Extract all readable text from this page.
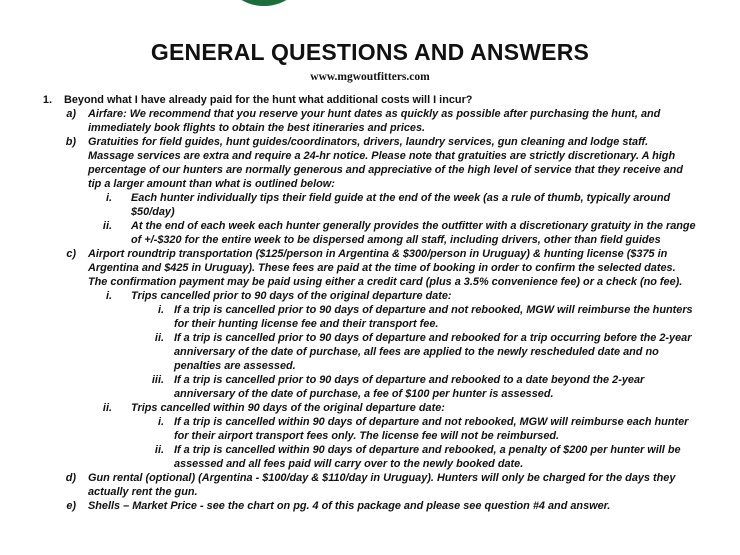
GENERAL QUESTIONS AND ANSWERS
www.mgwoutfitters.com
1. Beyond what I have already paid for the hunt what additional costs will I incur?
a) Airfare: We recommend that you reserve your hunt dates as quickly as possible after purchasing the hunt, and
immediately book flights to obtain the best itineraries and prices.
b) Gratuities for field guides, hunt guides/coordinators, drivers, laundry services, gun cleaning and lodge staff.
Massage services are extra and require a 24-hr notice. Please note that gratuities are strictly discretionary. A high
percentage of our hunters are normally generous and appreciative of the high level of service that they receive and
tip a larger amount than what is outlined below:
i. Each hunter individually tips their field guide at the end of the week (as a rule of thumb, typically around
$50/day)
ii. At the end of each week each hunter generally provides the outfitter with a discretionary gratuity in the range
of +/-$320 for the entire week to be dispersed among all staff, including drivers, other than field guides
c) Airport roundtrip transportation ($125/person in Argentina & $300/person in Uruguay) & hunting license ($375 in
Argentina and $425 in Uruguay). These fees are paid at the time of booking in order to confirm the selected dates.
The confirmation payment may be paid using either a credit card (plus a 3.5% convenience fee) or a check (no fee).
i. Trips cancelled prior to 90 days of the original departure date:
i. If a trip is cancelled prior to 90 days of departure and not rebooked, MGW will reimburse the hunters
for their hunting license fee and their transport fee.
ii. If a trip is cancelled prior to 90 days of departure and rebooked for a trip occurring before the 2-year
anniversary of the date of purchase, all fees are applied to the newly rescheduled date and no
penalties are assessed.
iii. If a trip is cancelled prior to 90 days of departure and rebooked to a date beyond the 2-year
anniversary of the date of purchase, a fee of $100 per hunter is assessed.
ii. Trips cancelled within 90 days of the original departure date:
i. If a trip is cancelled within 90 days of departure and not rebooked, MGW will reimburse each hunter
for their airport transport fees only. The license fee will not be reimbursed.
ii. If a trip is cancelled within 90 days of departure and rebooked, a penalty of $200 per hunter will be
assessed and all fees paid will carry over to the newly booked date.
d) Gun rental (optional) (Argentina - $100/day & $110/day in Uruguay). Hunters will only be charged for the days they
actually rent the gun.
e) Shells – Market Price - see the chart on pg. 4 of this package and please see question #4 and answer.
